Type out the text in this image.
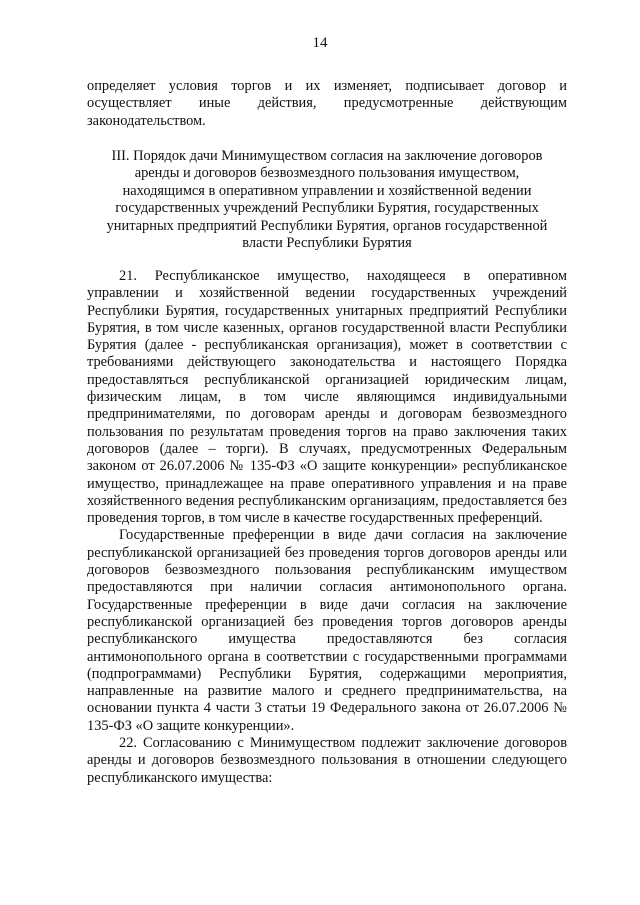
14

определяет условия торгов и их изменяет, подписывает договор и осуществляет иные действия, предусмотренные действующим законодательством.

III. Порядок дачи Минимуществом согласия на заключение договоров
аренды и договоров безвозмездного пользования имуществом,
находящимся в оперативном управлении и хозяйственной ведении
государственных учреждений Республики Бурятия, государственных
унитарных предприятий Республики Бурятия, органов государственной
власти Республики Бурятия

21. Республиканское имущество, находящееся в оперативном управлении и хозяйственной ведении государственных учреждений Республики Бурятия, государственных унитарных предприятий Республики Бурятия, в том числе казенных, органов государственной власти Республики Бурятия (далее - республиканская организация), может в соответствии с требованиями действующего законодательства и настоящего Порядка предоставляться республиканской организацией юридическим лицам, физическим лицам, в том числе являющимся индивидуальными предпринимателями, по договорам аренды и договорам безвозмездного пользования по результатам проведения торгов на право заключения таких договоров (далее – торги). В случаях, предусмотренных Федеральным законом от 26.07.2006 № 135-ФЗ «О защите конкуренции» республиканское имущество, принадлежащее на праве оперативного управления и на праве хозяйственного ведения республиканским организациям, предоставляется без проведения торгов, в том числе в качестве государственных преференций.

Государственные преференции в виде дачи согласия на заключение республиканской организацией без проведения торгов договоров аренды или договоров безвозмездного пользования республиканским имуществом предоставляются при наличии согласия антимонопольного органа. Государственные преференции в виде дачи согласия на заключение республиканской организацией без проведения торгов договоров аренды республиканского имущества предоставляются без согласия антимонопольного органа в соответствии с государственными программами (подпрограммами) Республики Бурятия, содержащими мероприятия, направленные на развитие малого и среднего предпринимательства, на основании пункта 4 части 3 статьи 19 Федерального закона от 26.07.2006 № 135-ФЗ «О защите конкуренции».

22. Согласованию с Минимуществом подлежит заключение договоров аренды и договоров безвозмездного пользования в отношении следующего республиканского имущества:
